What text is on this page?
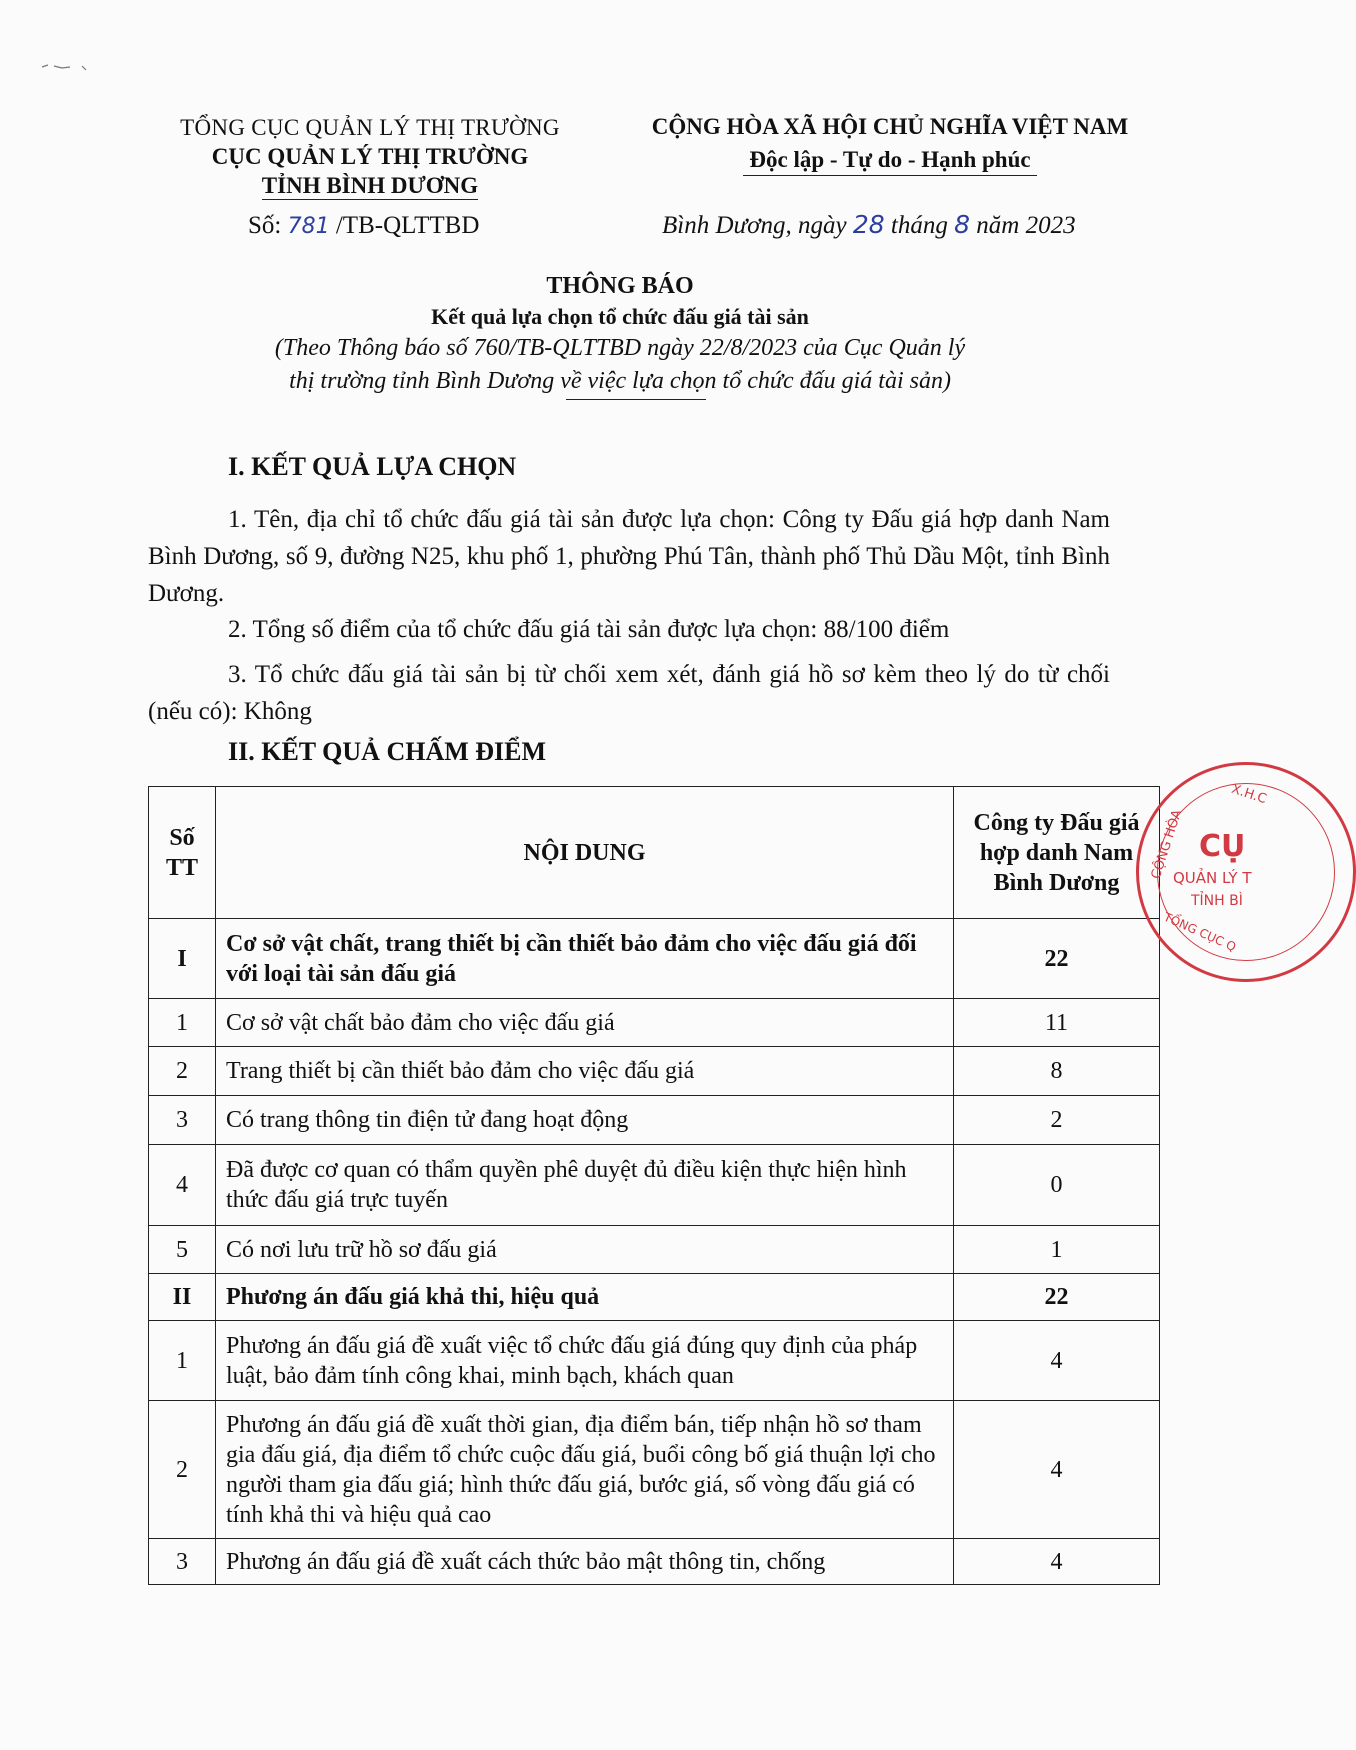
TỔNG CỤC QUẢN LÝ THỊ TRƯỜNG
CỤC QUẢN LÝ THỊ TRƯỜNG
TỈNH BÌNH DƯƠNG
CỘNG HÒA XÃ HỘI CHỦ NGHĨA VIỆT NAM
Độc lập - Tự do - Hạnh phúc
Số: 781 /TB-QLTTBD	Bình Dương, ngày 28 tháng 8 năm 2023
THÔNG BÁO
Kết quả lựa chọn tổ chức đấu giá tài sản
(Theo Thông báo số 760/TB-QLTTBD ngày 22/8/2023 của Cục Quản lý
thị trường tỉnh Bình Dương về việc lựa chọn tổ chức đấu giá tài sản)
I. KẾT QUẢ LỰA CHỌN
1. Tên, địa chỉ tổ chức đấu giá tài sản được lựa chọn: Công ty Đấu giá hợp danh Nam Bình Dương, số 9, đường N25, khu phố 1, phường Phú Tân, thành phố Thủ Dầu Một, tỉnh Bình Dương.
2. Tổng số điểm của tổ chức đấu giá tài sản được lựa chọn: 88/100 điểm
3. Tổ chức đấu giá tài sản bị từ chối xem xét, đánh giá hồ sơ kèm theo lý do từ chối (nếu có): Không
II. KẾT QUẢ CHẤM ĐIỂM
Số TT	NỘI DUNG	Công ty Đấu giá hợp danh Nam Bình Dương
I	Cơ sở vật chất, trang thiết bị cần thiết bảo đảm cho việc đấu giá đối với loại tài sản đấu giá	22
1	Cơ sở vật chất bảo đảm cho việc đấu giá	11
2	Trang thiết bị cần thiết bảo đảm cho việc đấu giá	8
3	Có trang thông tin điện tử đang hoạt động	2
4	Đã được cơ quan có thẩm quyền phê duyệt đủ điều kiện thực hiện hình thức đấu giá trực tuyến	0
5	Có nơi lưu trữ hồ sơ đấu giá	1
II	Phương án đấu giá khả thi, hiệu quả	22
1	Phương án đấu giá đề xuất việc tổ chức đấu giá đúng quy định của pháp luật, bảo đảm tính công khai, minh bạch, khách quan	4
2	Phương án đấu giá đề xuất thời gian, địa điểm bán, tiếp nhận hồ sơ tham gia đấu giá, địa điểm tổ chức cuộc đấu giá, buổi công bố giá thuận lợi cho người tham gia đấu giá; hình thức đấu giá, bước giá, số vòng đấu giá có tính khả thi và hiệu quả cao	4
3	Phương án đấu giá đề xuất cách thức bảo mật thông tin, chống	4
X.H.C
CỘNG HÒA CỤ
QUẢN LÝ T
TỈNH BÌ
TỔNG CỤC Q
